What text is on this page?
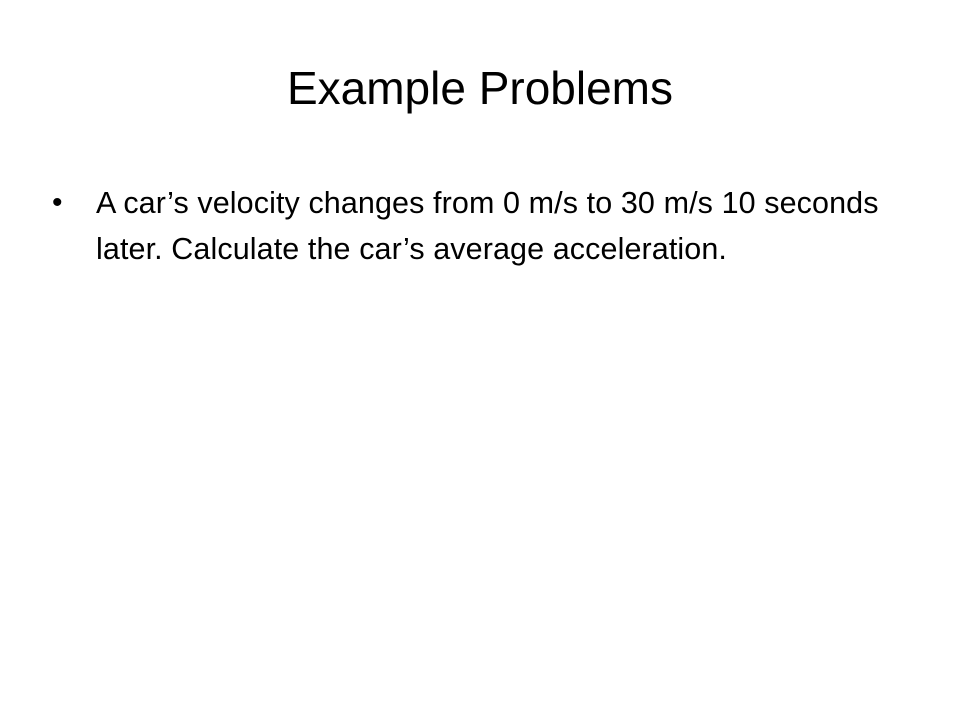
Example Problems
•	A car’s velocity changes from 0 m/s to 30 m/s 10 seconds later. Calculate the car’s average acceleration.
